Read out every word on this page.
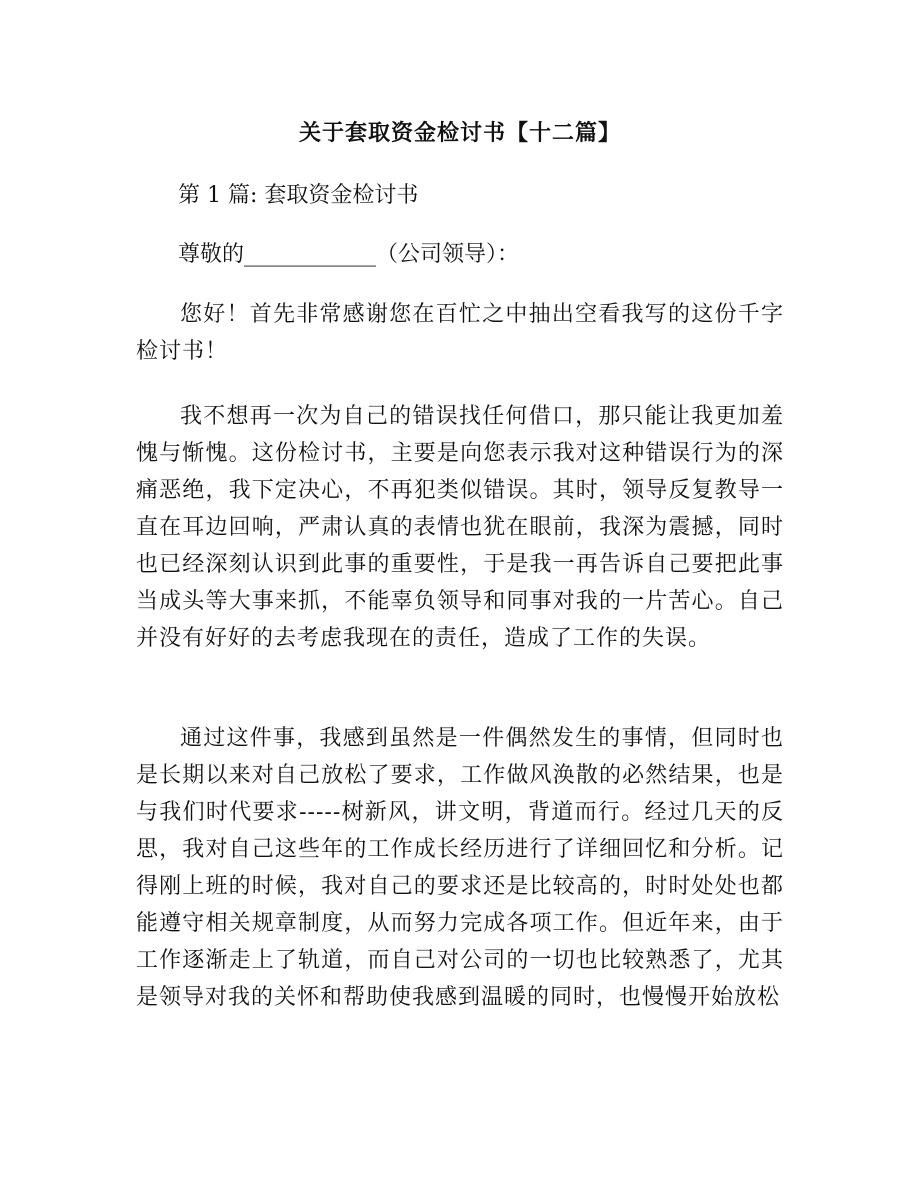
关于套取资金检讨书【十二篇】
第 1 篇: 套取资金检讨书
尊敬的____________（公司领导）：
您好！首先非常感谢您在百忙之中抽出空看我写的这份千字检讨书！
我不想再一次为自己的错误找任何借口，那只能让我更加羞愧与惭愧。这份检讨书，主要是向您表示我对这种错误行为的深痛恶绝，我下定决心，不再犯类似错误。其时，领导反复教导一直在耳边回响，严肃认真的表情也犹在眼前，我深为震撼，同时也已经深刻认识到此事的重要性，于是我一再告诉自己要把此事当成头等大事来抓，不能辜负领导和同事对我的一片苦心。自己并没有好好的去考虑我现在的责任，造成了工作的失误。
通过这件事，我感到虽然是一件偶然发生的事情，但同时也是长期以来对自己放松了要求，工作做风涣散的必然结果，也是与我们时代要求-----树新风，讲文明，背道而行。经过几天的反思，我对自己这些年的工作成长经历进行了详细回忆和分析。记得刚上班的时候，我对自己的要求还是比较高的，时时处处也都能遵守相关规章制度，从而努力完成各项工作。但近年来，由于工作逐渐走上了轨道，而自己对公司的一切也比较熟悉了，尤其是领导对我的关怀和帮助使我感到温暖的同时，也慢慢开始放松
